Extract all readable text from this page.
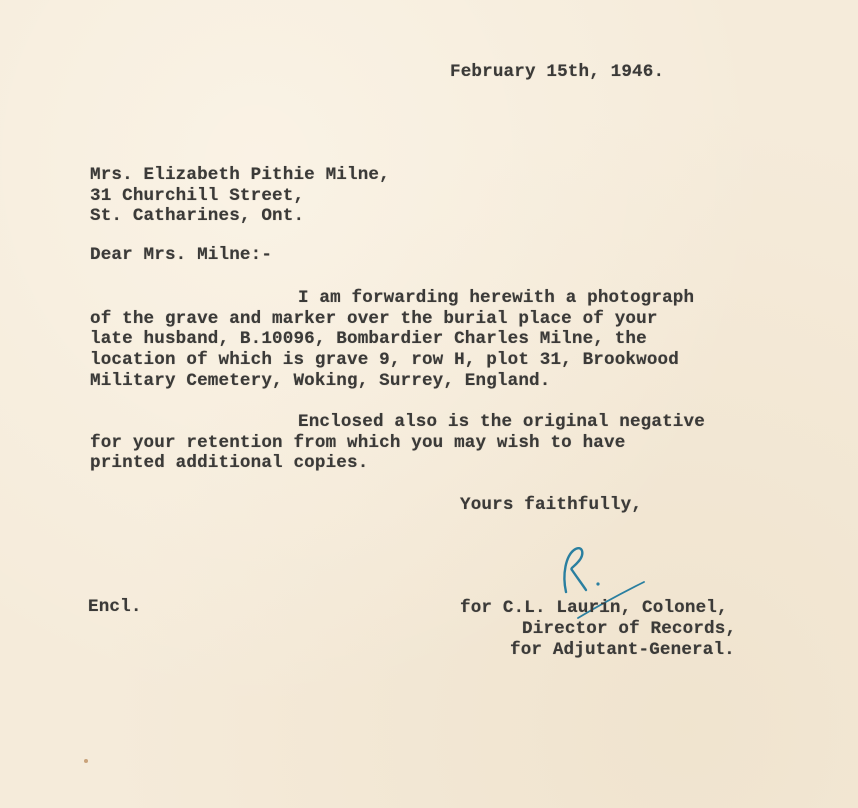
February 15th, 1946.
Mrs. Elizabeth Pithie Milne,
31 Churchill Street,
St. Catharines, Ont.
Dear Mrs. Milne:-
I am forwarding herewith a photograph
of the grave and marker over the burial place of your
late husband, B.10096, Bombardier Charles Milne, the
location of which is grave 9, row H, plot 31, Brookwood
Military Cemetery, Woking, Surrey, England.
Enclosed also is the original negative
for your retention from which you may wish to have
printed additional copies.
Yours faithfully,
Encl.	for C.L. Laurin, Colonel,
Director of Records,
for Adjutant-General.
